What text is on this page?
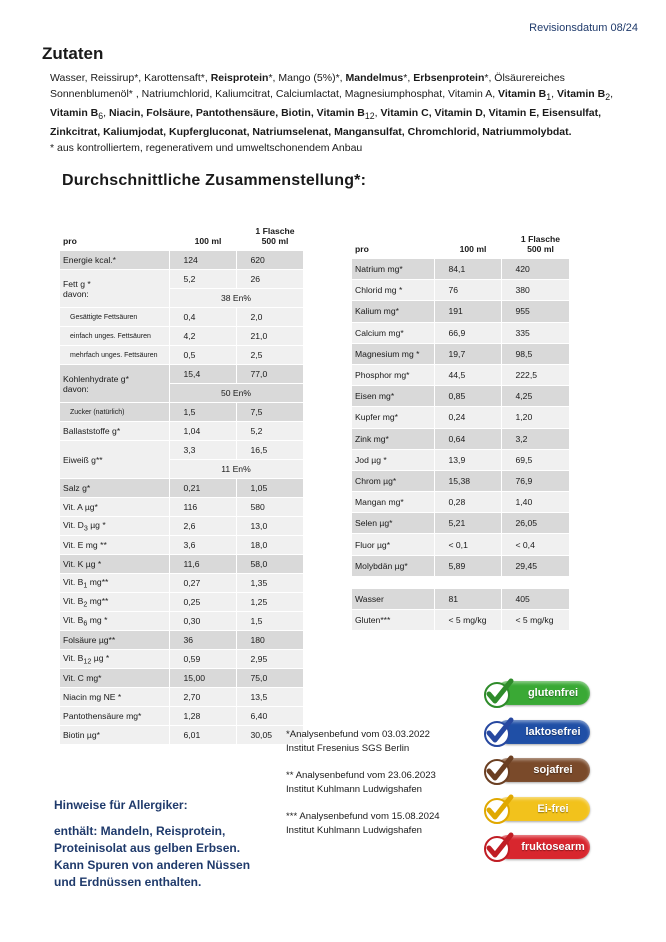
Revisionsdatum 08/24
Zutaten
Wasser, Reissirup*, Karottensaft*, Reisprotein*, Mango (5%)*, Mandelmus*, Erbsenprotein*, Ölsäurereiches Sonnenblumenöl* , Natriumchlorid, Kaliumcitrat, Calciumlactat, Magnesiumphosphat, Vitamin A, Vitamin $B_1$, Vitamin $B_2$, Vitamin $B_6$, Niacin, Folsäure, Pantothensäure, Biotin, Vitamin $B_{12}$, Vitamin C, Vitamin D, Vitamin E, Eisensulfat, Zinkcitrat, Kaliumjodat, Kupfergluconat, Natriumselenat, Mangansulfat, Chromchlorid, Natriummolybdat.
* aus kontrolliertem, regenerativem und umweltschonendem Anbau
Durchschnittliche Zusammenstellung*:
pro	100 ml	1 Flasche
500 ml

Energie kcal.*	124	620

Fett g *
davon:	5,2	26
	38 En%	
Gesättigte Fettsäuren	0,4	2,0
einfach unges. Fettsäuren	4,2	21,0
mehrfach unges. Fettsäuren	0,5	2,5

Kohlenhydrate g*
davon:	15,4	77,0
	50 En%	
Zucker (natürlich)	1,5	7,5
Ballaststoffe g*	1,04	5,2
Eiweiß g**	3,3	16,5
	11 En%	
Salz g*	0,21	1,05
Vit. A µg*	116	580
Vit. $D_3$ µg *	2,6	13,0
Vit. E mg **	3,6	18,0
Vit. K µg *	11,6	58,0
Vit. $B_1$ mg**	0,27	1,35
Vit. $B_2$ mg**	0,25	1,25
Vit. $B_6$ mg *	0,30	1,5
Folsäure µg**	36	180
Vit. $B_{12}$ µg *	0,59	2,95
Vit. C mg*	15,00	75,0
Niacin mg NE *	2,70	13,5
Pantothensäure mg*	1,28	6,40
Biotin µg*	6,01	30,05
pro	100 ml	1 Flasche
500 ml

Natrium mg*	84,1	420
Chlorid mg *	76	380
Kalium mg*	191	955
Calcium mg*	66,9	335
Magnesium mg *	19,7	98,5
Phosphor mg*	44,5	222,5
Eisen mg*	0,85	4,25
Kupfer mg*	0,24	1,20
Zink mg*	0,64	3,2
Jod µg *	13,9	69,5
Chrom µg*	15,38	76,9
Mangan mg*	0,28	1,40
Selen µg*	5,21	26,05
Fluor µg*	< 0,1	< 0,4
Molybdän µg*	5,89	29,45

Wasser	81	405
Gluten***	< 5 mg/kg	< 5 mg/kg

*Analysenbefund vom 03.03.2022
Institut Fresenius SGS Berlin

** Analysenbefund vom 23.06.2023
Institut Kuhlmann Ludwigshafen

*** Analysenbefund vom 15.08.2024
Institut Kuhlmann Ludwigshafen

Hinweise für Allergiker:

enthält: Mandeln, Reisprotein, Proteinisolat aus gelben Erbsen. Kann Spuren von anderen Nüssen und Erdnüssen enthalten.

glutenfrei
laktosefrei
sojafrei
Ei-frei
fruktosearm
